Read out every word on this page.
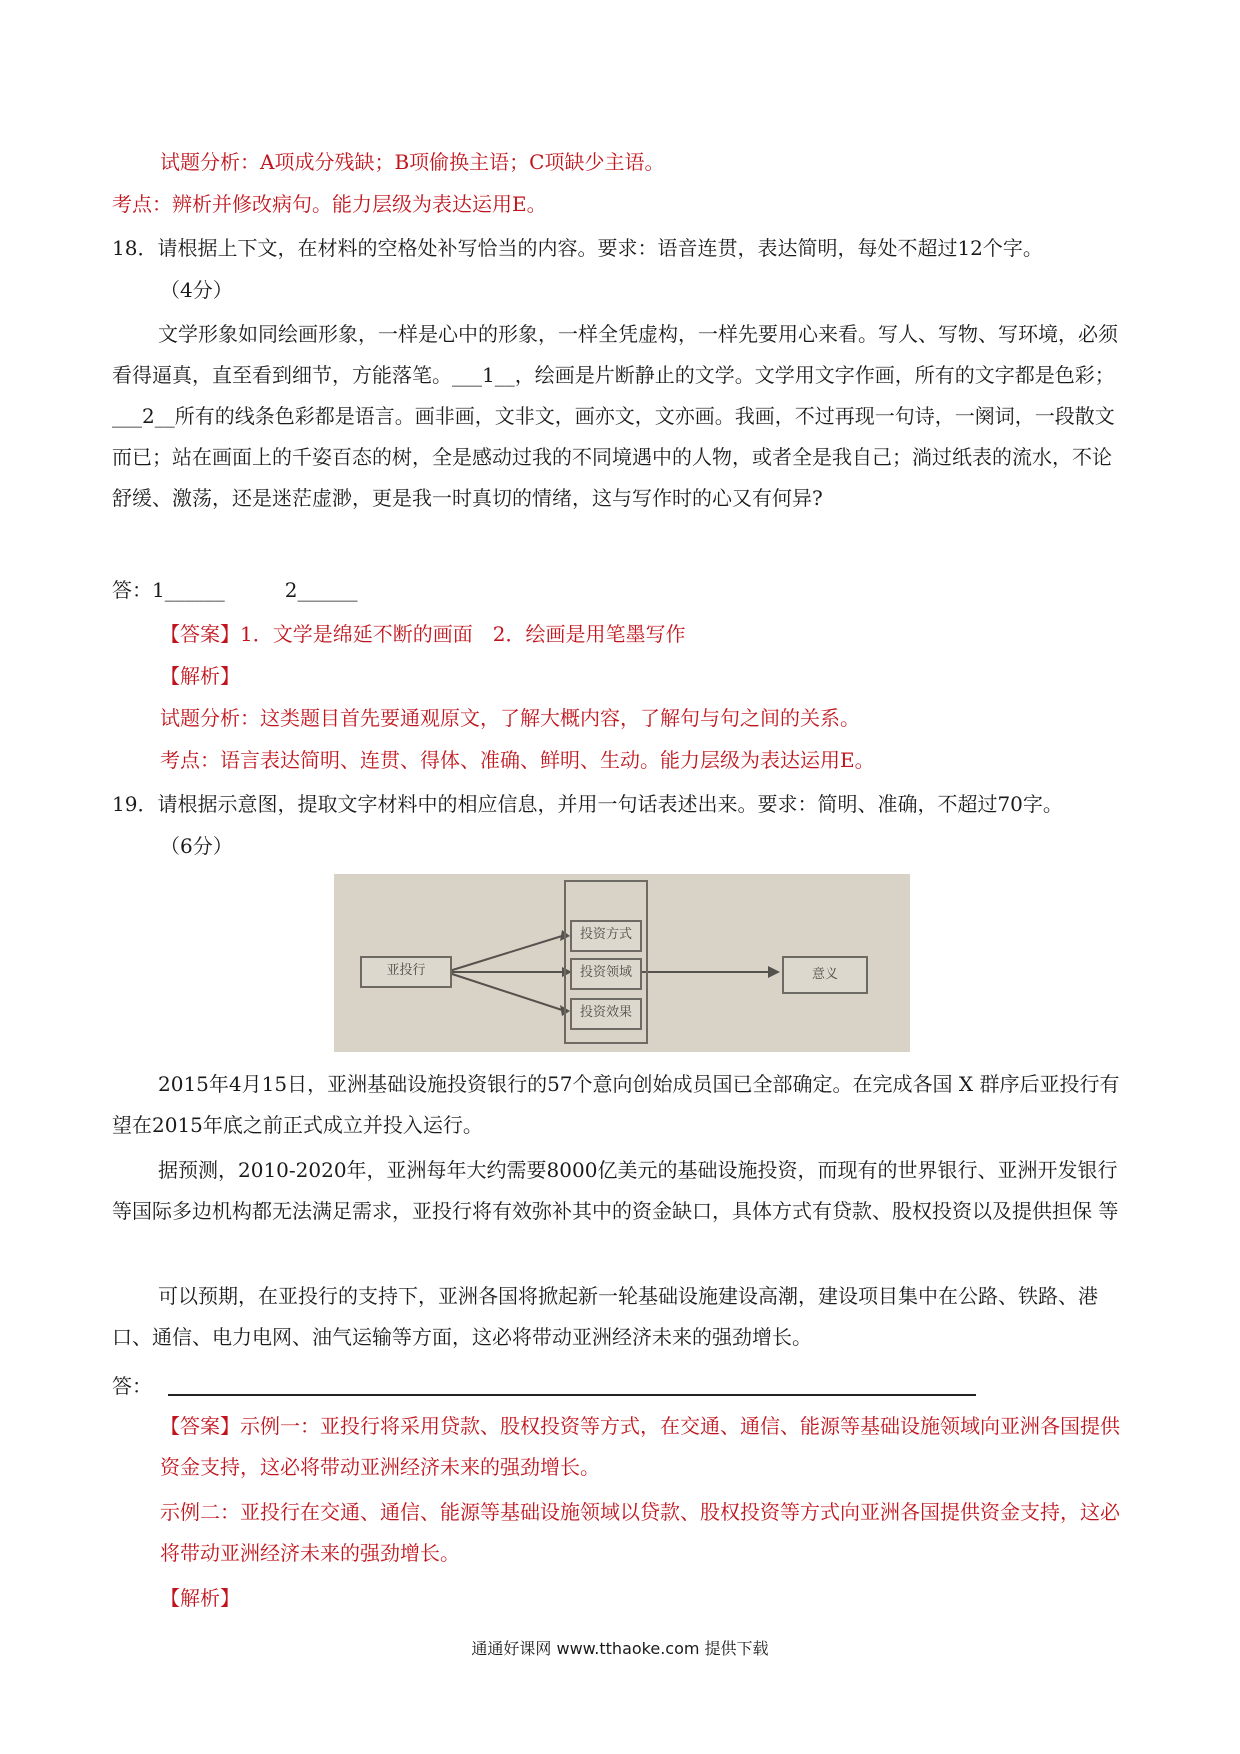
试题分析：A项成分残缺；B项偷换主语；C项缺少主语。
考点：辨析并修改病句。能力层级为表达运用E。
18．请根据上下文，在材料的空格处补写恰当的内容。要求：语音连贯，表达简明，每处不超过12个字。
（4分）
文学形象如同绘画形象，一样是心中的形象，一样全凭虚构，一样先要用心来看。写人、写物、写环境，必须看得逼真，直至看到细节，方能落笔。___1__，绘画是片断静止的文学。文学用文字作画，所有的文字都是色彩；___2__所有的线条色彩都是语言。画非画，文非文，画亦文，文亦画。我画，不过再现一句诗，一阕词，一段散文而已；站在画面上的千姿百态的树，全是感动过我的不同境遇中的人物，或者全是我自己；淌过纸表的流水，不论舒缓、激荡，还是迷茫虚渺，更是我一时真切的情绪，这与写作时的心又有何异?
答：1______　　　2______
【答案】1．文学是绵延不断的画面　2．绘画是用笔墨写作
【解析】
试题分析：这类题目首先要通观原文，了解大概内容，了解句与句之间的关系。
考点：语言表达简明、连贯、得体、准确、鲜明、生动。能力层级为表达运用E。
19．请根据示意图，提取文字材料中的相应信息，并用一句话表述出来。要求：简明、准确，不超过70字。
（6分）
亚投行
投资方式
投资领域
投资效果
意义
2015年4月15日，亚洲基础设施投资银行的57个意向创始成员国已全部确定。在完成各国 X 群序后亚投行有望在2015年底之前正式成立并投入运行。
据预测，2010-2020年，亚洲每年大约需要8000亿美元的基础设施投资，而现有的世界银行、亚洲开发银行等国际多边机构都无法满足需求，亚投行将有效弥补其中的资金缺口，具体方式有贷款、股权投资以及提供担保 等
可以预期，在亚投行的支持下，亚洲各国将掀起新一轮基础设施建设高潮，建设项目集中在公路、铁路、港口、通信、电力电网、油气运输等方面，这必将带动亚洲经济未来的强劲增长。
答：
【答案】示例一：亚投行将采用贷款、股权投资等方式，在交通、通信、能源等基础设施领域向亚洲各国提供资金支持，这必将带动亚洲经济未来的强劲增长。
示例二：亚投行在交通、通信、能源等基础设施领域以贷款、股权投资等方式向亚洲各国提供资金支持，这必将带动亚洲经济未来的强劲增长。
【解析】
通通好课网 www.tthaoke.com 提供下载
